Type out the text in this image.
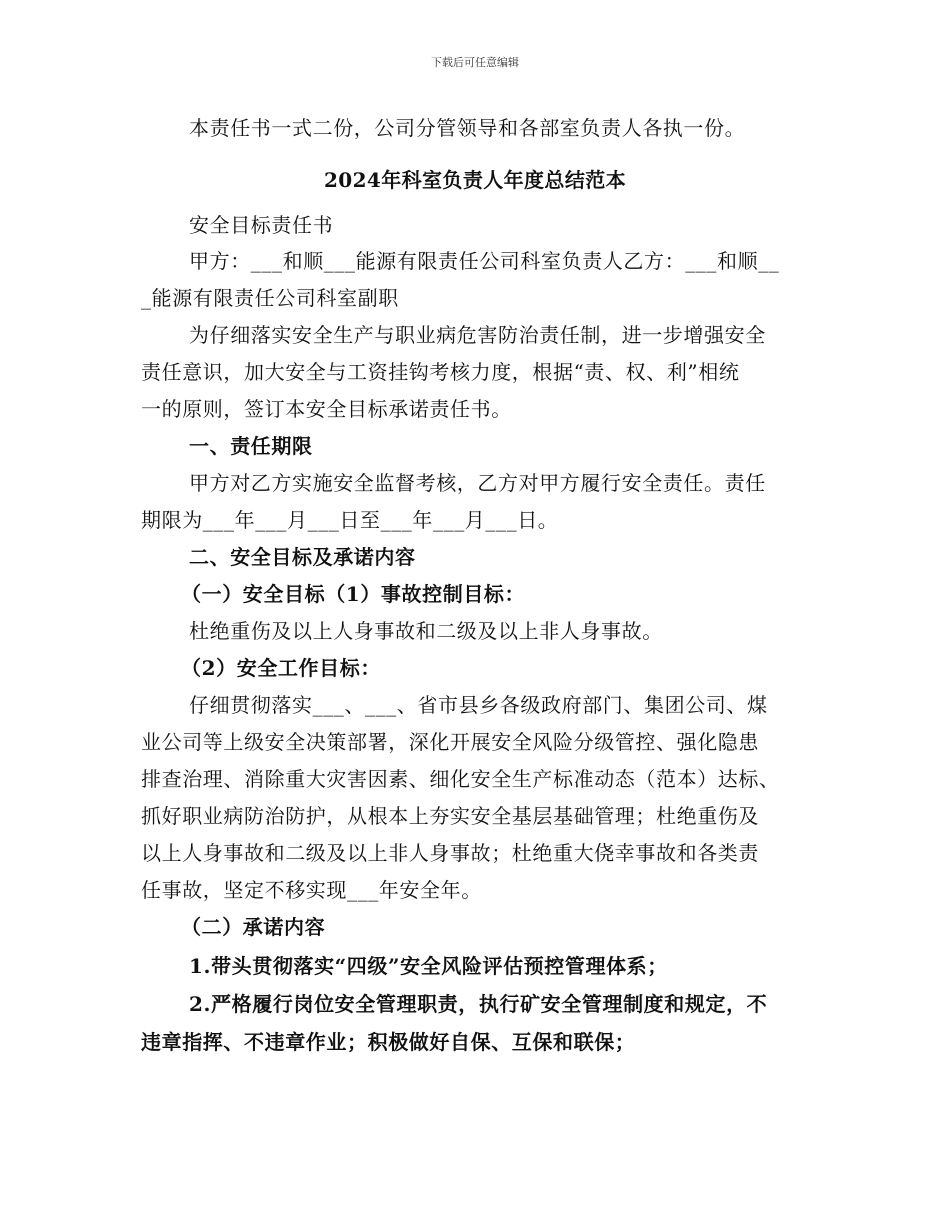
下载后可任意编辑
本责任书一式二份，公司分管领导和各部室负责人各执一份。
2024年科室负责人年度总结范本
安全目标责任书
甲方：___和顺___能源有限责任公司科室负责人乙方：___和顺__
_能源有限责任公司科室副职
为仔细落实安全生产与职业病危害防治责任制，进一步增强安全
责任意识，加大安全与工资挂钩考核力度，根据“责、权、利”相统
一的原则，签订本安全目标承诺责任书。
一、责任期限
甲方对乙方实施安全监督考核，乙方对甲方履行安全责任。责任
期限为___年___月___日至___年___月___日。
二、安全目标及承诺内容
（一）安全目标（1）事故控制目标：
杜绝重伤及以上人身事故和二级及以上非人身事故。
（2）安全工作目标：
仔细贯彻落实___、___、省市县乡各级政府部门、集团公司、煤
业公司等上级安全决策部署，深化开展安全风险分级管控、强化隐患
排查治理、消除重大灾害因素、细化安全生产标准动态（范本）达标、
抓好职业病防治防护，从根本上夯实安全基层基础管理；杜绝重伤及
以上人身事故和二级及以上非人身事故；杜绝重大侥幸事故和各类责
任事故，坚定不移实现___年安全年。
（二）承诺内容
1.带头贯彻落实“四级”安全风险评估预控管理体系；
2.严格履行岗位安全管理职责，执行矿安全管理制度和规定，不
违章指挥、不违章作业；积极做好自保、互保和联保；
